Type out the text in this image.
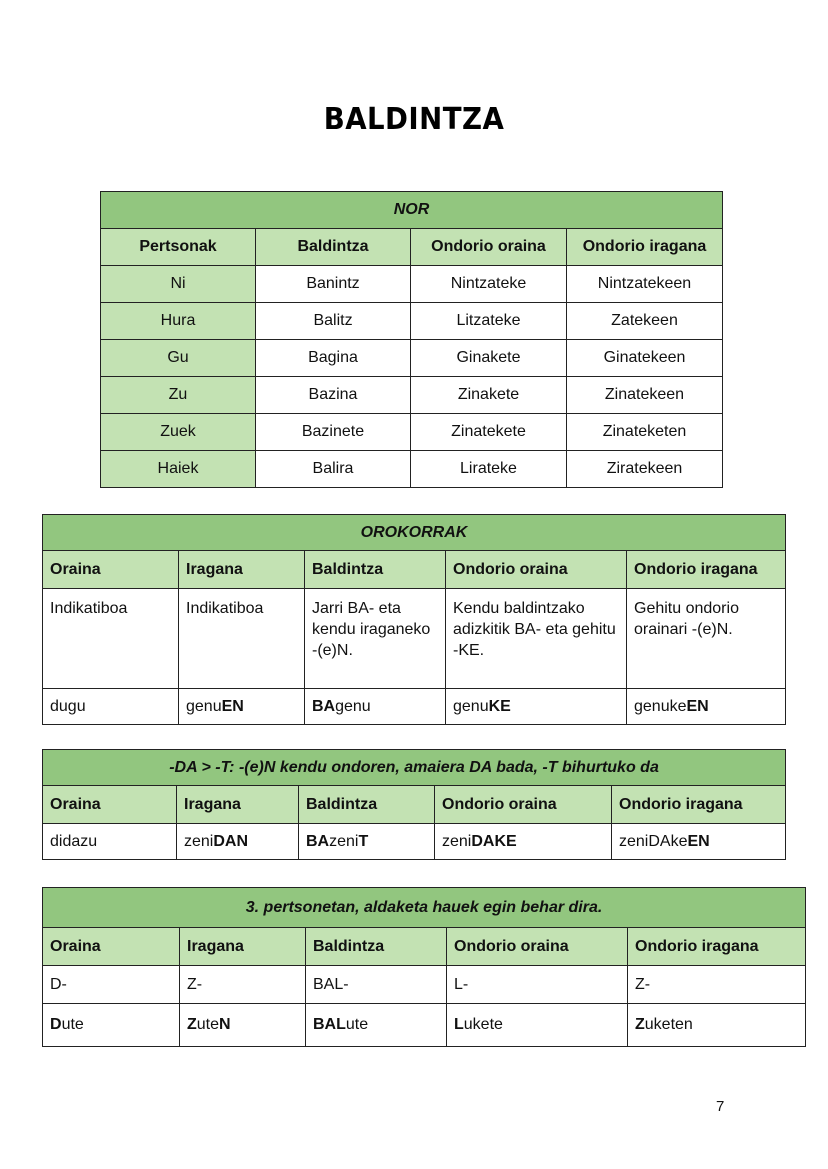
BALDINTZA
NOR			
Pertsonak	Baldintza	Ondorio oraina	Ondorio iragana
Ni	Banintz	Nintzateke	Nintzatekeen
Hura	Balitz	Litzateke	Zatekeen
Gu	Bagina	Ginakete	Ginatekeen
Zu	Bazina	Zinakete	Zinatekeen
Zuek	Bazinete	Zinatekete	Zinateketen
Haiek	Balira	Lirateke	Ziratekeen
OROKORRAK				
Oraina	Iragana	Baldintza	Ondorio oraina	Ondorio iragana
Indikatiboa	Indikatiboa	Jarri BA- eta kendu iraganeko -(e)N.	Kendu baldintzako adizkitik BA- eta gehitu -KE.	Gehitu ondorio orainari -(e)N.
dugu	genuEN	BAgenu	genuKE	genukeEN
-DA > -T: -(e)N kendu ondoren, amaiera DA bada, -T bihurtuko da				
Oraina	Iragana	Baldintza	Ondorio oraina	Ondorio iragana
didazu	zeniDAN	BAzeniT	zeniDAKE	zeniDAkeEN
3. pertsonetan, aldaketa hauek egin behar dira.				
Oraina	Iragana	Baldintza	Ondorio oraina	Ondorio iragana
D-	Z-	BAL-	L-	Z-
Dute	ZuteN	BALute	Lukete	Zuketen
7
